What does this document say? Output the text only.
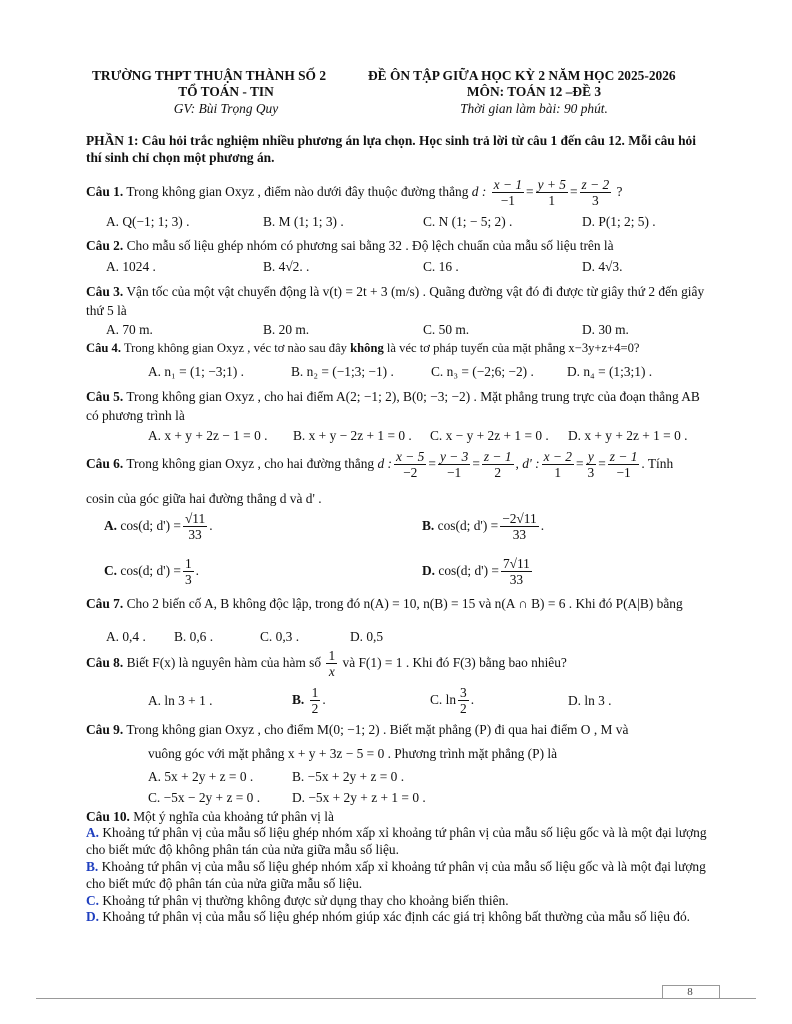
TRƯỜNG THPT THUẬN THÀNH SỐ 2
TỔ TOÁN - TIN
GV: Bùi Trọng Quy
ĐỀ ÔN TẬP GIỮA HỌC KỲ 2 NĂM HỌC 2025-2026
MÔN: TOÁN 12 –ĐỀ 3
Thời gian làm bài: 90 phút.
PHẦN 1: Câu hỏi trắc nghiệm nhiều phương án lựa chọn. Học sinh trả lời từ câu 1 đến câu 12. Mỗi câu hỏi thí sinh chỉ chọn một phương án.
Câu 1. Trong không gian Oxyz , điểm nào dưới đây thuộc đường thẳng d : $\frac{x - 1}{-1} = \frac{y + 5}{1} = \frac{z - 2}{3}$ ?
A. Q(−1; 1; 3) .	B. M (1; 1; 3) .	C. N (1; − 5; 2) .	D. P(1; 2; 5) .
Câu 2. Cho mẫu số liệu ghép nhóm có phương sai bằng 32 . Độ lệch chuẩn của mẫu số liệu trên là
A. 1024 .	B. 4√2. .	C. 16 .	D. 4√3.
Câu 3. Vận tốc của một vật chuyển động là v(t) = 2t + 3 (m/s) . Quãng đường vật đó đi được từ giây thứ 2 đến giây thứ 5 là
A. 70 m.	B. 20 m.	C. 50 m.	D. 30 m.
Câu 4. Trong không gian Oxyz , véc tơ nào sau đây không là véc tơ pháp tuyến của mặt phẳng x−3y+z+4=0?
A. n₁ = (1; −3;1) .	B. n₂ = (−1;3; −1) .	C. n₃ = (−2;6; −2) . D. n₄ = (1;3;1) .
Câu 5. Trong không gian Oxyz , cho hai điểm A(2; −1; 2), B(0; −3; −2) . Mặt phẳng trung trực của đoạn thẳng AB có phương trình là
A. x + y + 2z − 1 = 0 . B. x + y − 2z + 1 = 0 . C. x − y + 2z + 1 = 0 . D. x + y + 2z + 1 = 0 .
Câu 6. Trong không gian Oxyz , cho hai đường thẳng d : $\frac{x - 5}{-2} = \frac{y - 3}{-1} = \frac{z - 1}{2}$ , d' : $\frac{x - 2}{1} = \frac{y}{3} = \frac{z - 1}{-1}$ . Tính
cosin của góc giữa hai đường thẳng d và d' .
A. cos(d; $d') = \frac{√11}{33}$ .	B. cos(d; $d') = \frac{-2√11}{33}$ .
C. cos(d; $d') = \frac{1}{3}$ .	D. cos(d; $d') = \frac{7√11}{33}$
Câu 7. Cho 2 biến cố A, B không độc lập, trong đó n(A) = 10, n(B) = 15 và n(A ∩ B) = 6 . Khi đó P(A|B) bằng
A. 0,4 . B. 0,6 .	C. 0,3 .	D. 0,5
Câu 8. Biết F(x) là nguyên hàm của hàm số $\frac{1}{x}$ và F(1) = 1 . Khi đó F(3) bằng bao nhiêu?
A. ln 3 + 1 .	B. $\frac{1}{2}$ .	C. $\ln \frac{3}{2}$ .	D. ln 3 .
Câu 9. Trong không gian Oxyz , cho điểm M(0; −1; 2) . Biết mặt phẳng (P) đi qua hai điểm O , M và
vuông góc với mặt phẳng x + y + 3z − 5 = 0 . Phương trình mặt phẳng (P) là
A. 5x + 2y + z = 0 .	B. −5x + 2y + z = 0 .
C. −5x − 2y + z = 0 . D. −5x + 2y + z + 1 = 0 .
Câu 10. Một ý nghĩa của khoảng tứ phân vị là
A. Khoảng tứ phân vị của mẫu số liệu ghép nhóm xấp xỉ khoảng tứ phân vị của mẫu số liệu gốc và là một đại lượng cho biết mức độ không phân tán của nửa giữa mẫu số liệu.
B. Khoảng tứ phân vị của mẫu số liệu ghép nhóm xấp xỉ khoảng tứ phân vị của mẫu số liệu gốc và là một đại lượng cho biết mức độ phân tán của nửa giữa mẫu số liệu.
C. Khoảng tứ phân vị thường không được sử dụng thay cho khoảng biến thiên.
D. Khoảng tứ phân vị của mẫu số liệu ghép nhóm giúp xác định các giá trị không bất thường của mẫu số liệu đó.
8
